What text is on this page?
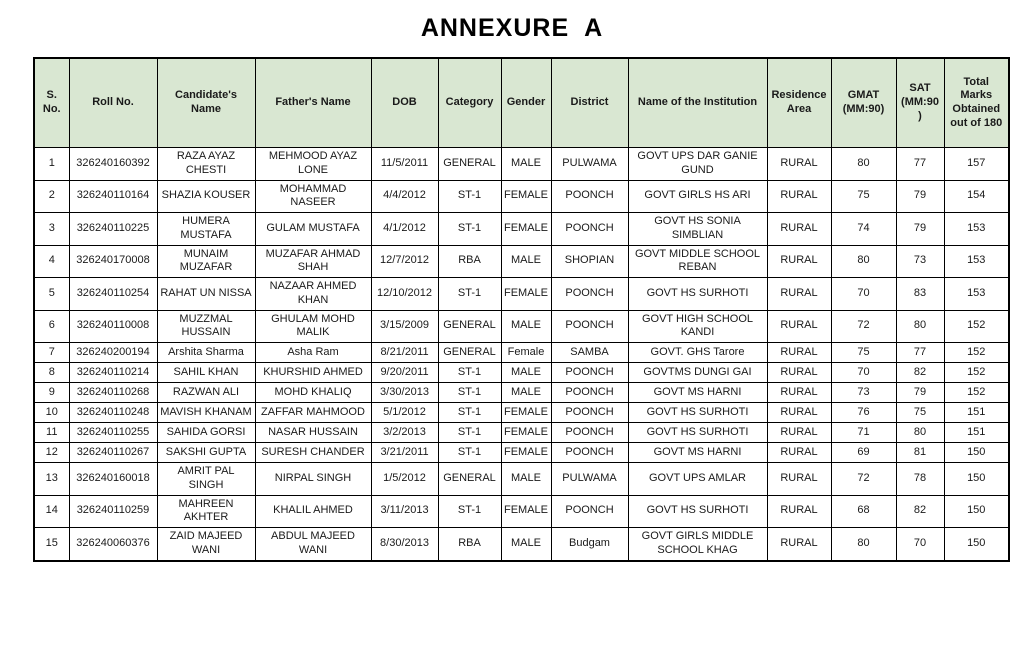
ANNEXURE  A
S. No.	Roll No.	Candidate's Name	Father's Name	DOB	Category	Gender	District	Name of the Institution	Residence Area	GMAT (MM:90)	SAT (MM:90)	Total Marks Obtained out of 180
1	326240160392	RAZA AYAZ CHESTI	MEHMOOD AYAZ LONE	11/5/2011	GENERAL	MALE	PULWAMA	GOVT UPS DAR GANIE GUND	RURAL	80	77	157
2	326240110164	SHAZIA KOUSER	MOHAMMAD NASEER	4/4/2012	ST-1	FEMALE	POONCH	GOVT GIRLS HS ARI	RURAL	75	79	154
3	326240110225	HUMERA MUSTAFA	GULAM MUSTAFA	4/1/2012	ST-1	FEMALE	POONCH	GOVT HS SONIA SIMBLIAN	RURAL	74	79	153
4	326240170008	MUNAIM MUZAFAR	MUZAFAR AHMAD SHAH	12/7/2012	RBA	MALE	SHOPIAN	GOVT MIDDLE SCHOOL REBAN	RURAL	80	73	153
5	326240110254	RAHAT UN NISSA	NAZAAR AHMED KHAN	12/10/2012	ST-1	FEMALE	POONCH	GOVT HS SURHOTI	RURAL	70	83	153
6	326240110008	MUZZMAL HUSSAIN	GHULAM MOHD MALIK	3/15/2009	GENERAL	MALE	POONCH	GOVT HIGH SCHOOL KANDI	RURAL	72	80	152
7	326240200194	Arshita Sharma	Asha Ram	8/21/2011	GENERAL	Female	SAMBA	GOVT. GHS Tarore	RURAL	75	77	152
8	326240110214	SAHIL KHAN	KHURSHID AHMED	9/20/2011	ST-1	MALE	POONCH	GOVTMS DUNGI GAI	RURAL	70	82	152
9	326240110268	RAZWAN ALI	MOHD KHALIQ	3/30/2013	ST-1	MALE	POONCH	GOVT MS HARNI	RURAL	73	79	152
10	326240110248	MAVISH KHANAM	ZAFFAR MAHMOOD	5/1/2012	ST-1	FEMALE	POONCH	GOVT HS SURHOTI	RURAL	76	75	151
11	326240110255	SAHIDA GORSI	NASAR HUSSAIN	3/2/2013	ST-1	FEMALE	POONCH	GOVT HS SURHOTI	RURAL	71	80	151
12	326240110267	SAKSHI GUPTA	SURESH CHANDER	3/21/2011	ST-1	FEMALE	POONCH	GOVT MS HARNI	RURAL	69	81	150
13	326240160018	AMRIT PAL SINGH	NIRPAL SINGH	1/5/2012	GENERAL	MALE	PULWAMA	GOVT UPS AMLAR	RURAL	72	78	150
14	326240110259	MAHREEN AKHTER	KHALIL AHMED	3/11/2013	ST-1	FEMALE	POONCH	GOVT HS SURHOTI	RURAL	68	82	150
15	326240060376	ZAID MAJEED WANI	ABDUL MAJEED WANI	8/30/2013	RBA	MALE	Budgam	GOVT GIRLS MIDDLE SCHOOL KHAG	RURAL	80	70	150
